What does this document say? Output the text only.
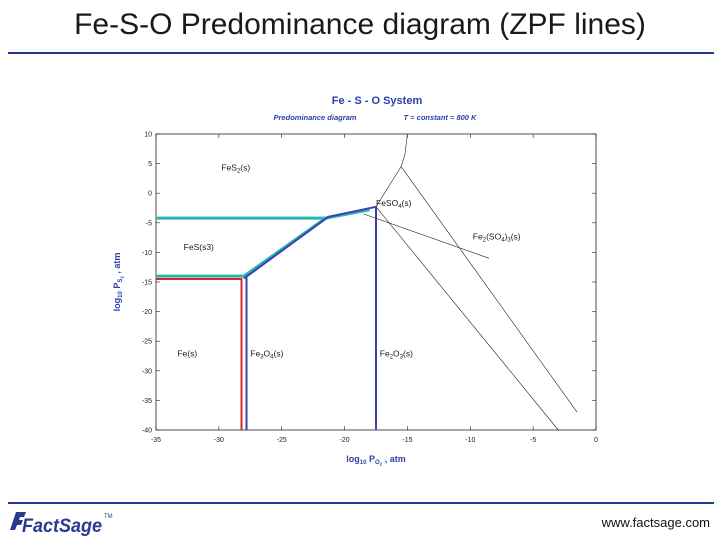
Fe-S-O Predominance diagram (ZPF lines)
Fe - S - O System
Predominance diagram	T = constant = 800 K
-35	-30	-25	-20	-15	-10	-5	0
10
5
0
-5
-10
-15
-20
-25
-30
-35
-40
FeS$_2$(s)
FeS(s3)
FeSO$_4$(s)
$Fe_2(SO_4)_3(s)$
Fe(s)	$Fe_3O_4(s)$	$Fe_2O_3(s)$
$\log_{10} P_O2$ , atm
$\log_{10} P_S2$ , atm
FactSage TM	www.factsage.com
